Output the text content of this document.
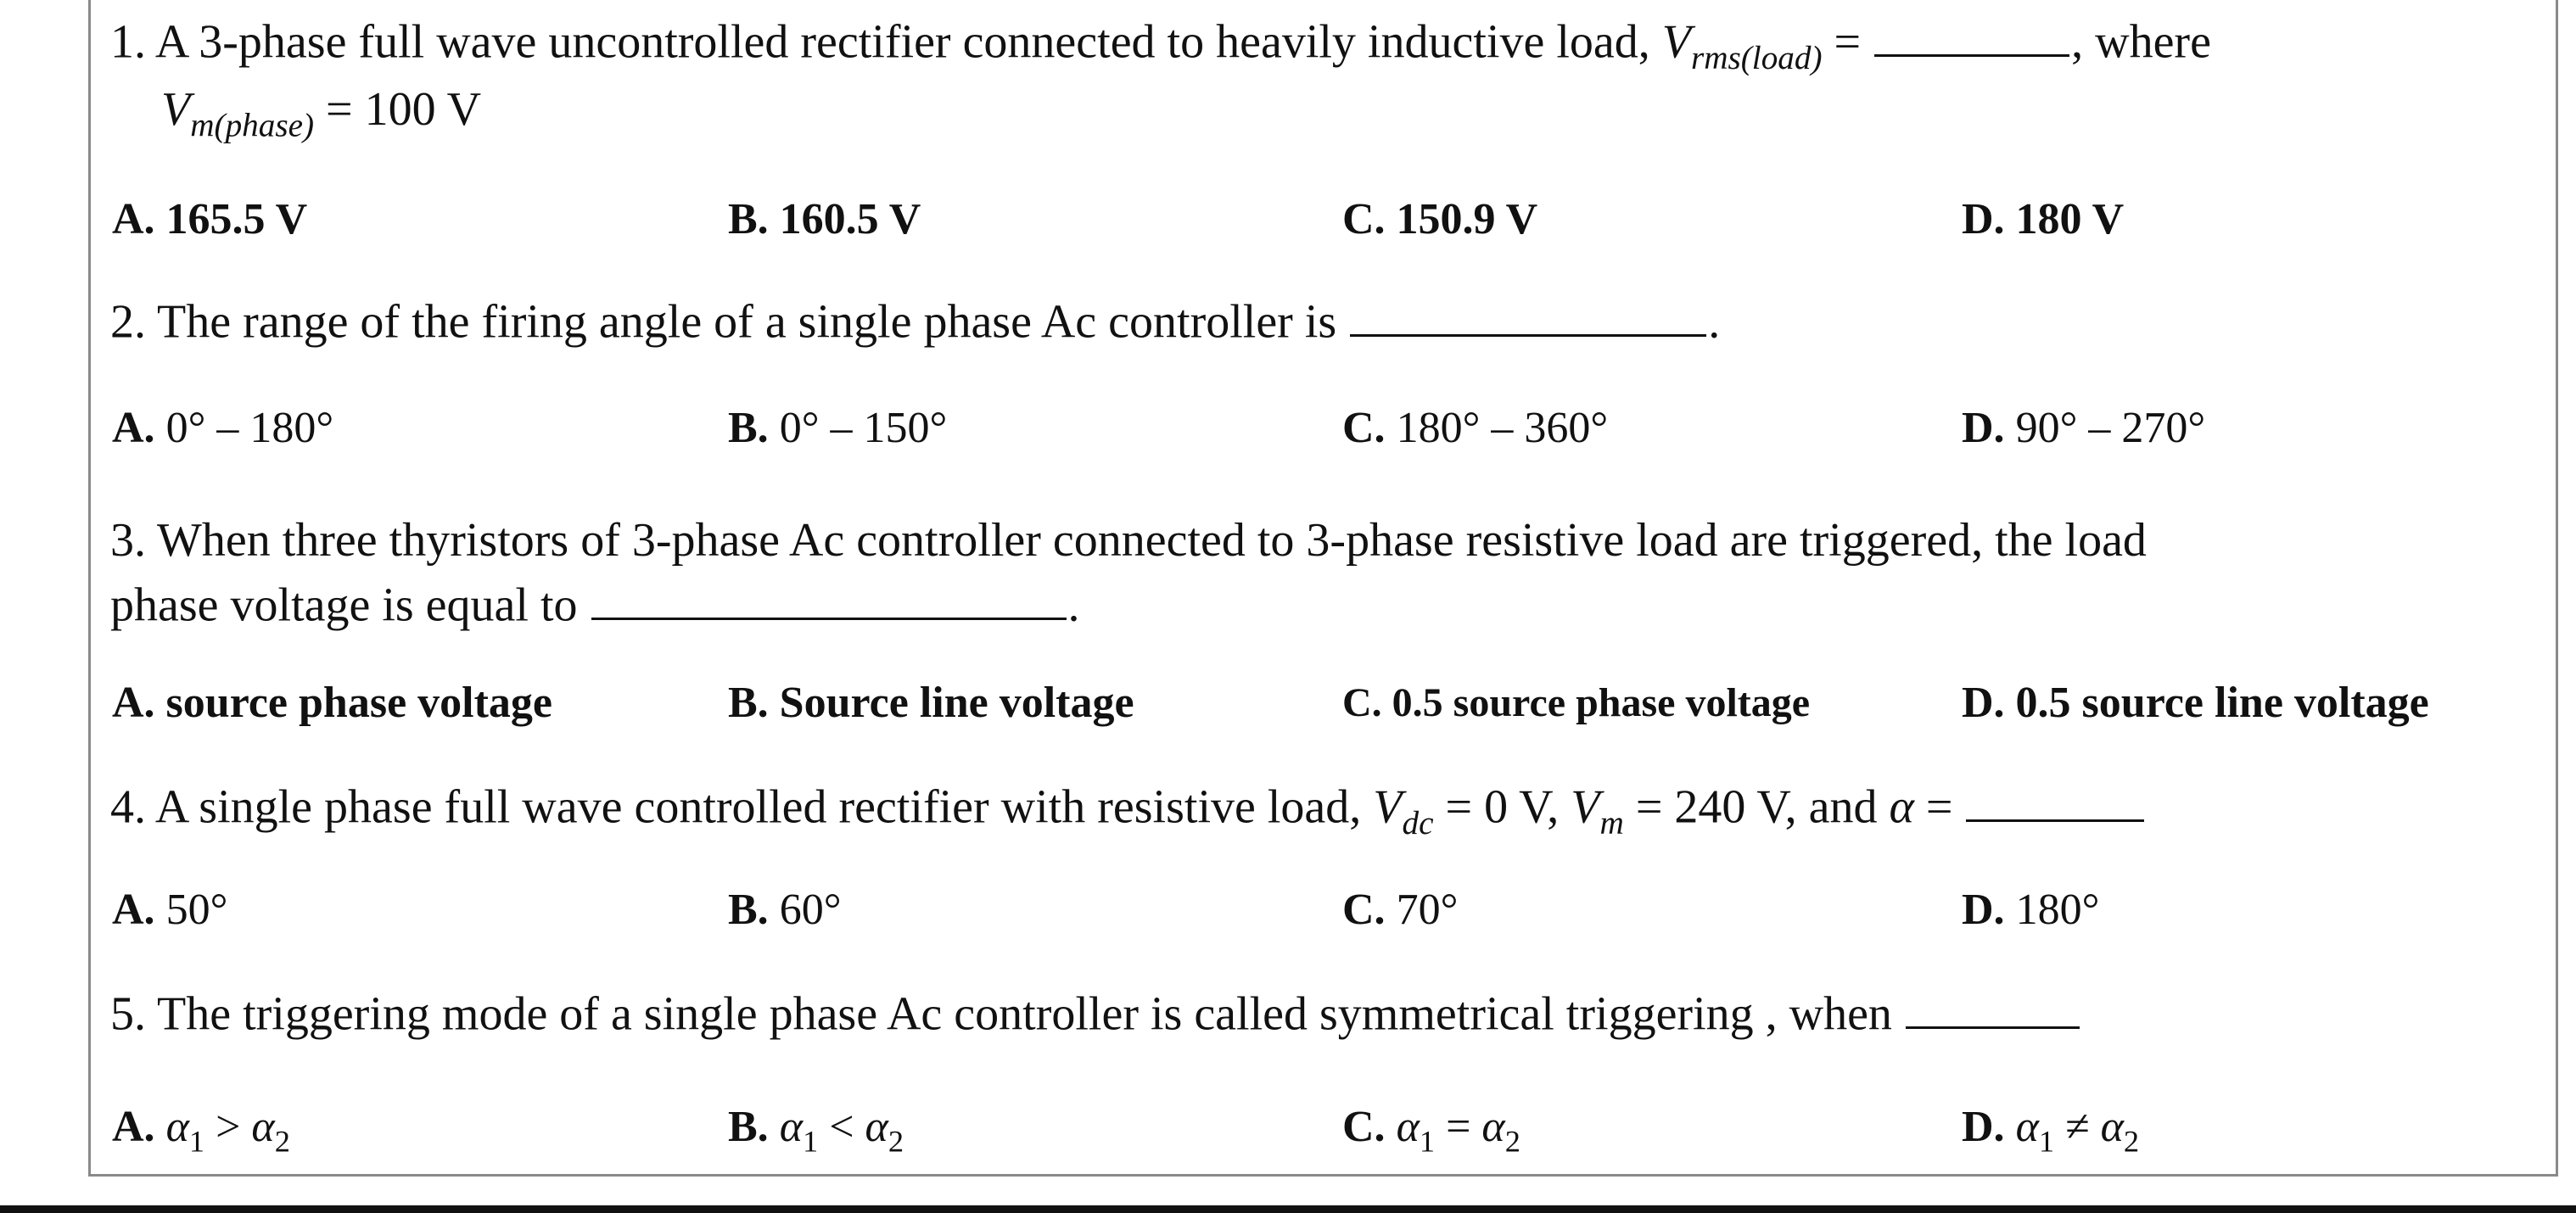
1. A 3-phase full wave uncontrolled rectifier connected to heavily inductive load, $V_{rms(load)}$ =	, where
$V_{m(phase)} = 100$ V
A. 165.5 V	B. 160.5 V	C. 150.9 V	D. 180 V
2. The range of the firing angle of a single phase Ac controller is	.
A. 0° – 180°	B. 0° – 150°	C. 180° – 360°	D. 90° – 270°
3. When three thyristors of 3-phase Ac controller connected to 3-phase resistive load are triggered, the load
phase voltage is equal to	.
A. source phase voltage	B. Source line voltage	C. 0.5 source phase voltage	D. 0.5 source line voltage
4. A single phase full wave controlled rectifier with resistive load, $V_{dc} = 0$ V, $V_m = 240$ V, and α =
A. 50°	B. 60°	C. 70°	D. 180°
5. The triggering mode of a single phase Ac controller is called symmetrical triggering , when
A. $\alpha_1 > \alpha_2$	B. $\alpha_1 < \alpha_2$	C. $\alpha_1 = \alpha_2$	D. $\alpha_1 \ne \alpha_2$
